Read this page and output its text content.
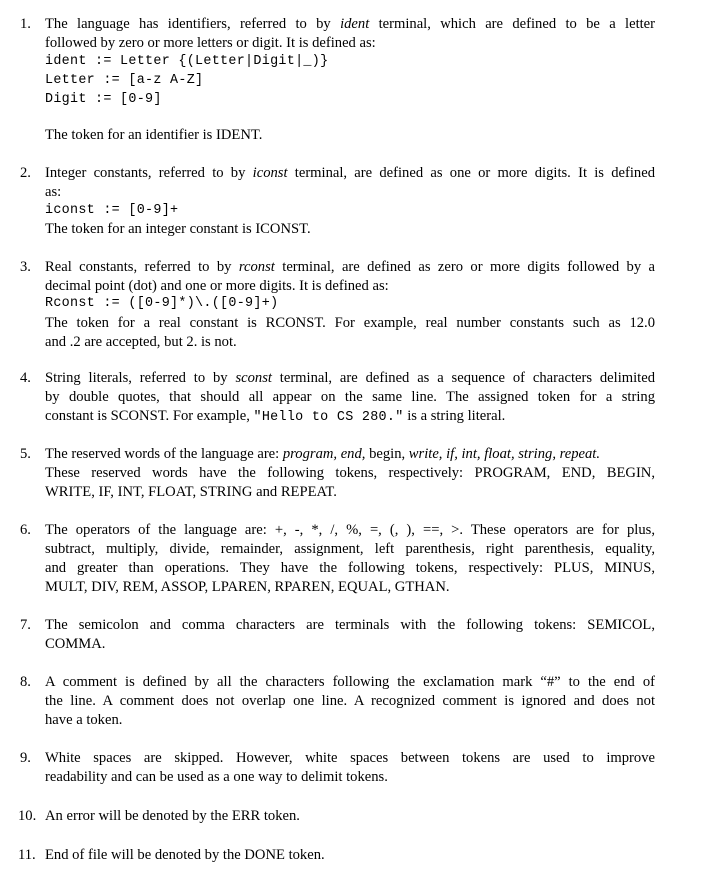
1. The language has identifiers, referred to by ident terminal, which are defined to be a letter
followed by zero or more letters or digit. It is defined as:
ident := Letter {(Letter|Digit|_)}
Letter := [a-z A-Z]
Digit := [0-9]
The token for an identifier is IDENT.
2. Integer constants, referred to by iconst terminal, are defined as one or more digits. It is defined
as:
iconst := [0-9]+
The token for an integer constant is ICONST.
3. Real constants, referred to by rconst terminal, are defined as zero or more digits followed by a
decimal point (dot) and one or more digits. It is defined as:
Rconst := ([0-9]*)\.([0-9]+)
The token for a real constant is RCONST. For example, real number constants such as 12.0
and .2 are accepted, but 2. is not.
4. String literals, referred to by sconst terminal, are defined as a sequence of characters delimited
by double quotes, that should all appear on the same line. The assigned token for a string
constant is SCONST. For example, "Hello to CS 280." is a string literal.
5. The reserved words of the language are: program, end, begin, write, if, int, float, string, repeat.
These reserved words have the following tokens, respectively: PROGRAM, END, BEGIN,
WRITE, IF, INT, FLOAT, STRING and REPEAT.
6. The operators of the language are: +, -, *, /, %, =, (, ), ==, >. These operators are for plus,
subtract, multiply, divide, remainder, assignment, left parenthesis, right parenthesis, equality,
and greater than operations. They have the following tokens, respectively: PLUS, MINUS,
MULT, DIV, REM, ASSOP, LPAREN, RPAREN, EQUAL, GTHAN.
7. The semicolon and comma characters are terminals with the following tokens: SEMICOL,
COMMA.
8. A comment is defined by all the characters following the exclamation mark “#” to the end of
the line. A comment does not overlap one line. A recognized comment is ignored and does not
have a token.
9. White spaces are skipped. However, white spaces between tokens are used to improve
readability and can be used as a one way to delimit tokens.
10. An error will be denoted by the ERR token.
11. End of file will be denoted by the DONE token.
